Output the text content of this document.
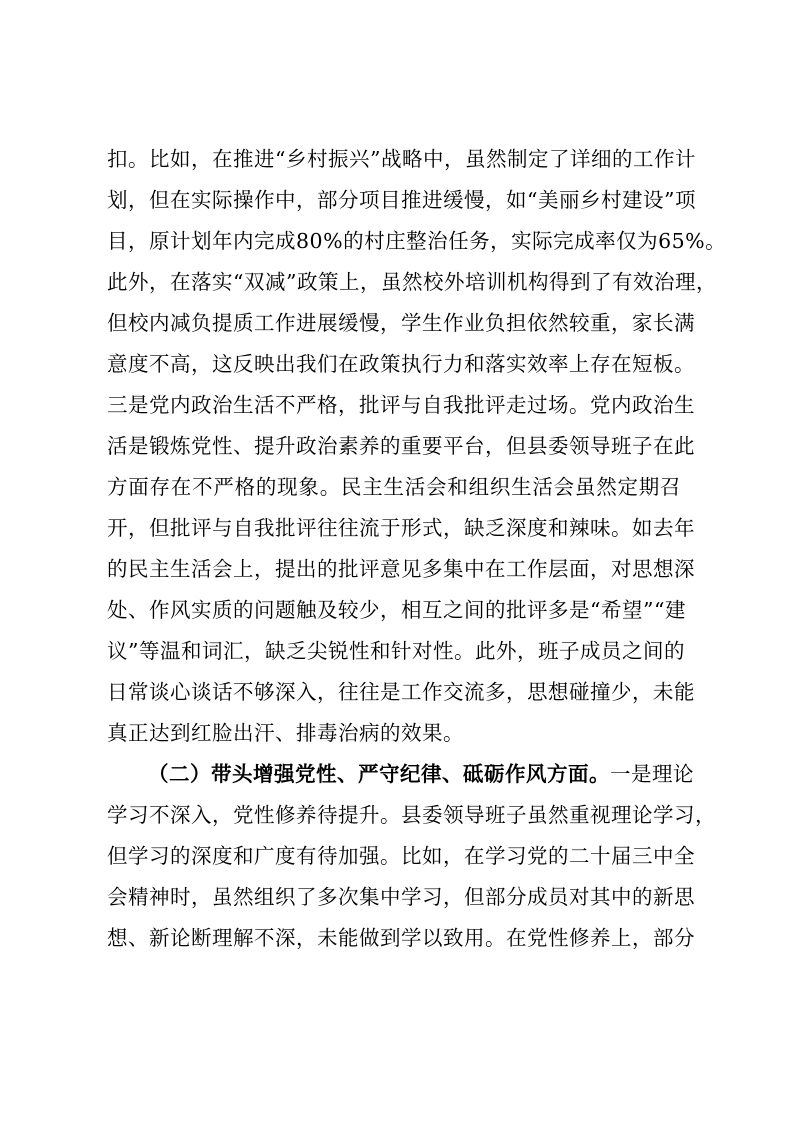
扣。比如，在推进“乡村振兴”战略中，虽然制定了详细的工作计
划，但在实际操作中，部分项目推进缓慢，如“美丽乡村建设”项
目，原计划年内完成80%的村庄整治任务，实际完成率仅为65%。
此外，在落实“双减”政策上，虽然校外培训机构得到了有效治理，
但校内减负提质工作进展缓慢，学生作业负担依然较重，家长满
意度不高，这反映出我们在政策执行力和落实效率上存在短板。
三是党内政治生活不严格，批评与自我批评走过场。党内政治生
活是锻炼党性、提升政治素养的重要平台，但县委领导班子在此
方面存在不严格的现象。民主生活会和组织生活会虽然定期召
开，但批评与自我批评往往流于形式，缺乏深度和辣味。如去年
的民主生活会上，提出的批评意见多集中在工作层面，对思想深
处、作风实质的问题触及较少，相互之间的批评多是“希望”“建
议”等温和词汇，缺乏尖锐性和针对性。此外，班子成员之间的
日常谈心谈话不够深入，往往是工作交流多，思想碰撞少，未能
真正达到红脸出汗、排毒治病的效果。
（二）带头增强党性、严守纪律、砥砺作风方面。一是理论
学习不深入，党性修养待提升。县委领导班子虽然重视理论学习，
但学习的深度和广度有待加强。比如，在学习党的二十届三中全
会精神时，虽然组织了多次集中学习，但部分成员对其中的新思
想、新论断理解不深，未能做到学以致用。在党性修养上，部分
